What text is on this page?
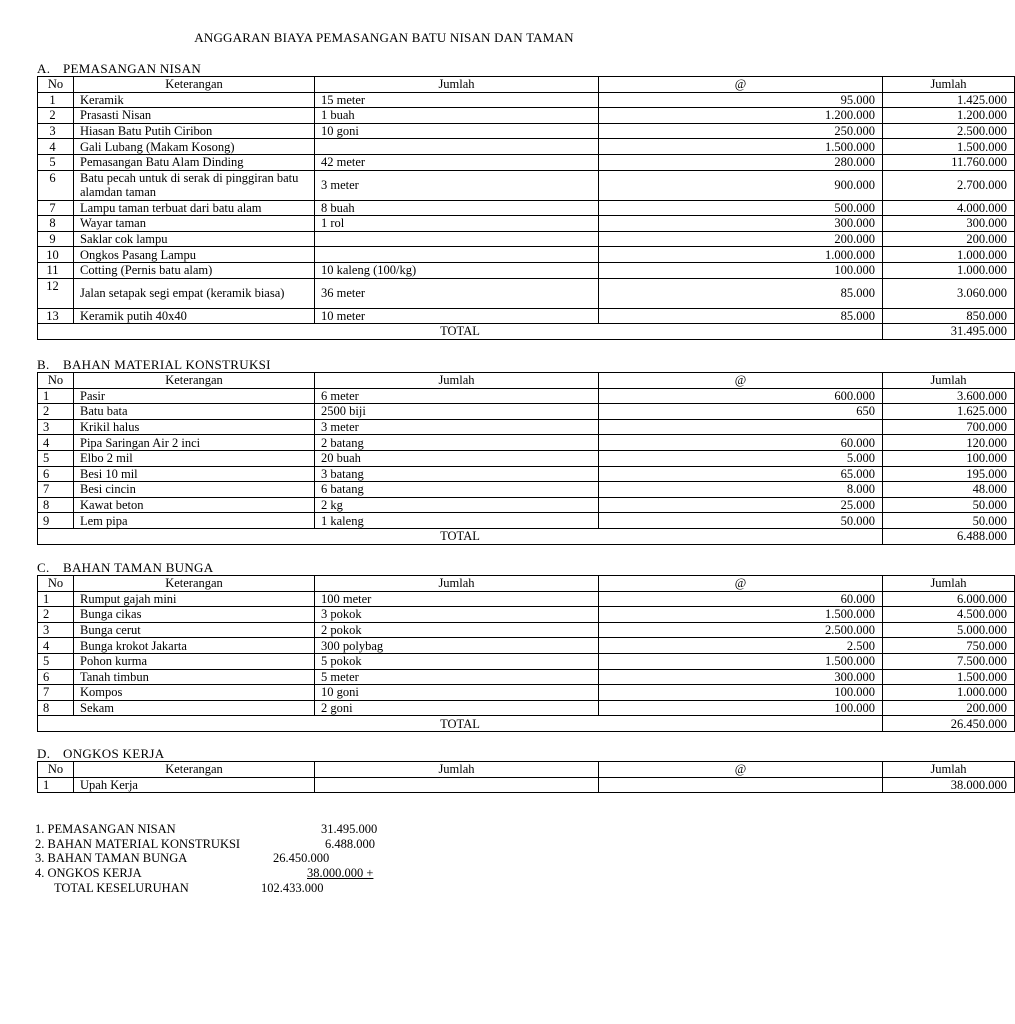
ANGGARAN BIAYA PEMASANGAN BATU NISAN DAN TAMAN
A. PEMASANGAN NISAN
No	Keterangan	Jumlah	@	Jumlah
1	Keramik	15 meter	95.000	1.425.000
2	Prasasti Nisan	1 buah	1.200.000	1.200.000
3	Hiasan Batu Putih Ciribon	10 goni	250.000	2.500.000
4	Gali Lubang (Makam Kosong)		1.500.000	1.500.000
5	Pemasangan Batu Alam Dinding	42 meter	280.000	11.760.000
6	Batu pecah untuk di serak di pinggiran batu alamdan taman	3 meter	900.000	2.700.000
7	Lampu taman terbuat dari batu alam	8 buah	500.000	4.000.000
8	Wayar taman	1 rol	300.000	300.000
9	Saklar cok lampu		200.000	200.000
10	Ongkos Pasang Lampu		1.000.000	1.000.000
11	Cotting (Pernis batu alam)	10 kaleng (100/kg)	100.000	1.000.000
12	Jalan setapak segi empat (keramik biasa)	36 meter	85.000	3.060.000
13	Keramik putih 40x40	10 meter	85.000	850.000
TOTAL				31.495.000
B. BAHAN MATERIAL KONSTRUKSI
No	Keterangan	Jumlah	@	Jumlah
1	Pasir	6 meter	600.000	3.600.000
2	Batu bata	2500 biji	650	1.625.000
3	Krikil halus	3 meter		700.000
4	Pipa Saringan Air 2 inci	2 batang	60.000	120.000
5	Elbo 2 mil	20 buah	5.000	100.000
6	Besi 10 mil	3 batang	65.000	195.000
7	Besi cincin	6 batang	8.000	48.000
8	Kawat beton	2 kg	25.000	50.000
9	Lem pipa	1 kaleng	50.000	50.000
TOTAL				6.488.000
C. BAHAN TAMAN BUNGA
No	Keterangan	Jumlah	@	Jumlah
1	Rumput gajah mini	100 meter	60.000	6.000.000
2	Bunga cikas	3 pokok	1.500.000	4.500.000
3	Bunga cerut	2 pokok	2.500.000	5.000.000
4	Bunga krokot Jakarta	300 polybag	2.500	750.000
5	Pohon kurma	5 pokok	1.500.000	7.500.000
6	Tanah timbun	5 meter	300.000	1.500.000
7	Kompos	10 goni	100.000	1.000.000
8	Sekam	2 goni	100.000	200.000
TOTAL				26.450.000
D. ONGKOS KERJA
No	Keterangan	Jumlah	@	Jumlah
1	Upah Kerja			38.000.000
1. PEMASANGAN NISAN	31.495.000
2. BAHAN MATERIAL KONSTRUKSI	6.488.000
3. BAHAN TAMAN BUNGA	26.450.000
4. ONGKOS KERJA	38.000.000 +
TOTAL KESELURUHAN	102.433.000
